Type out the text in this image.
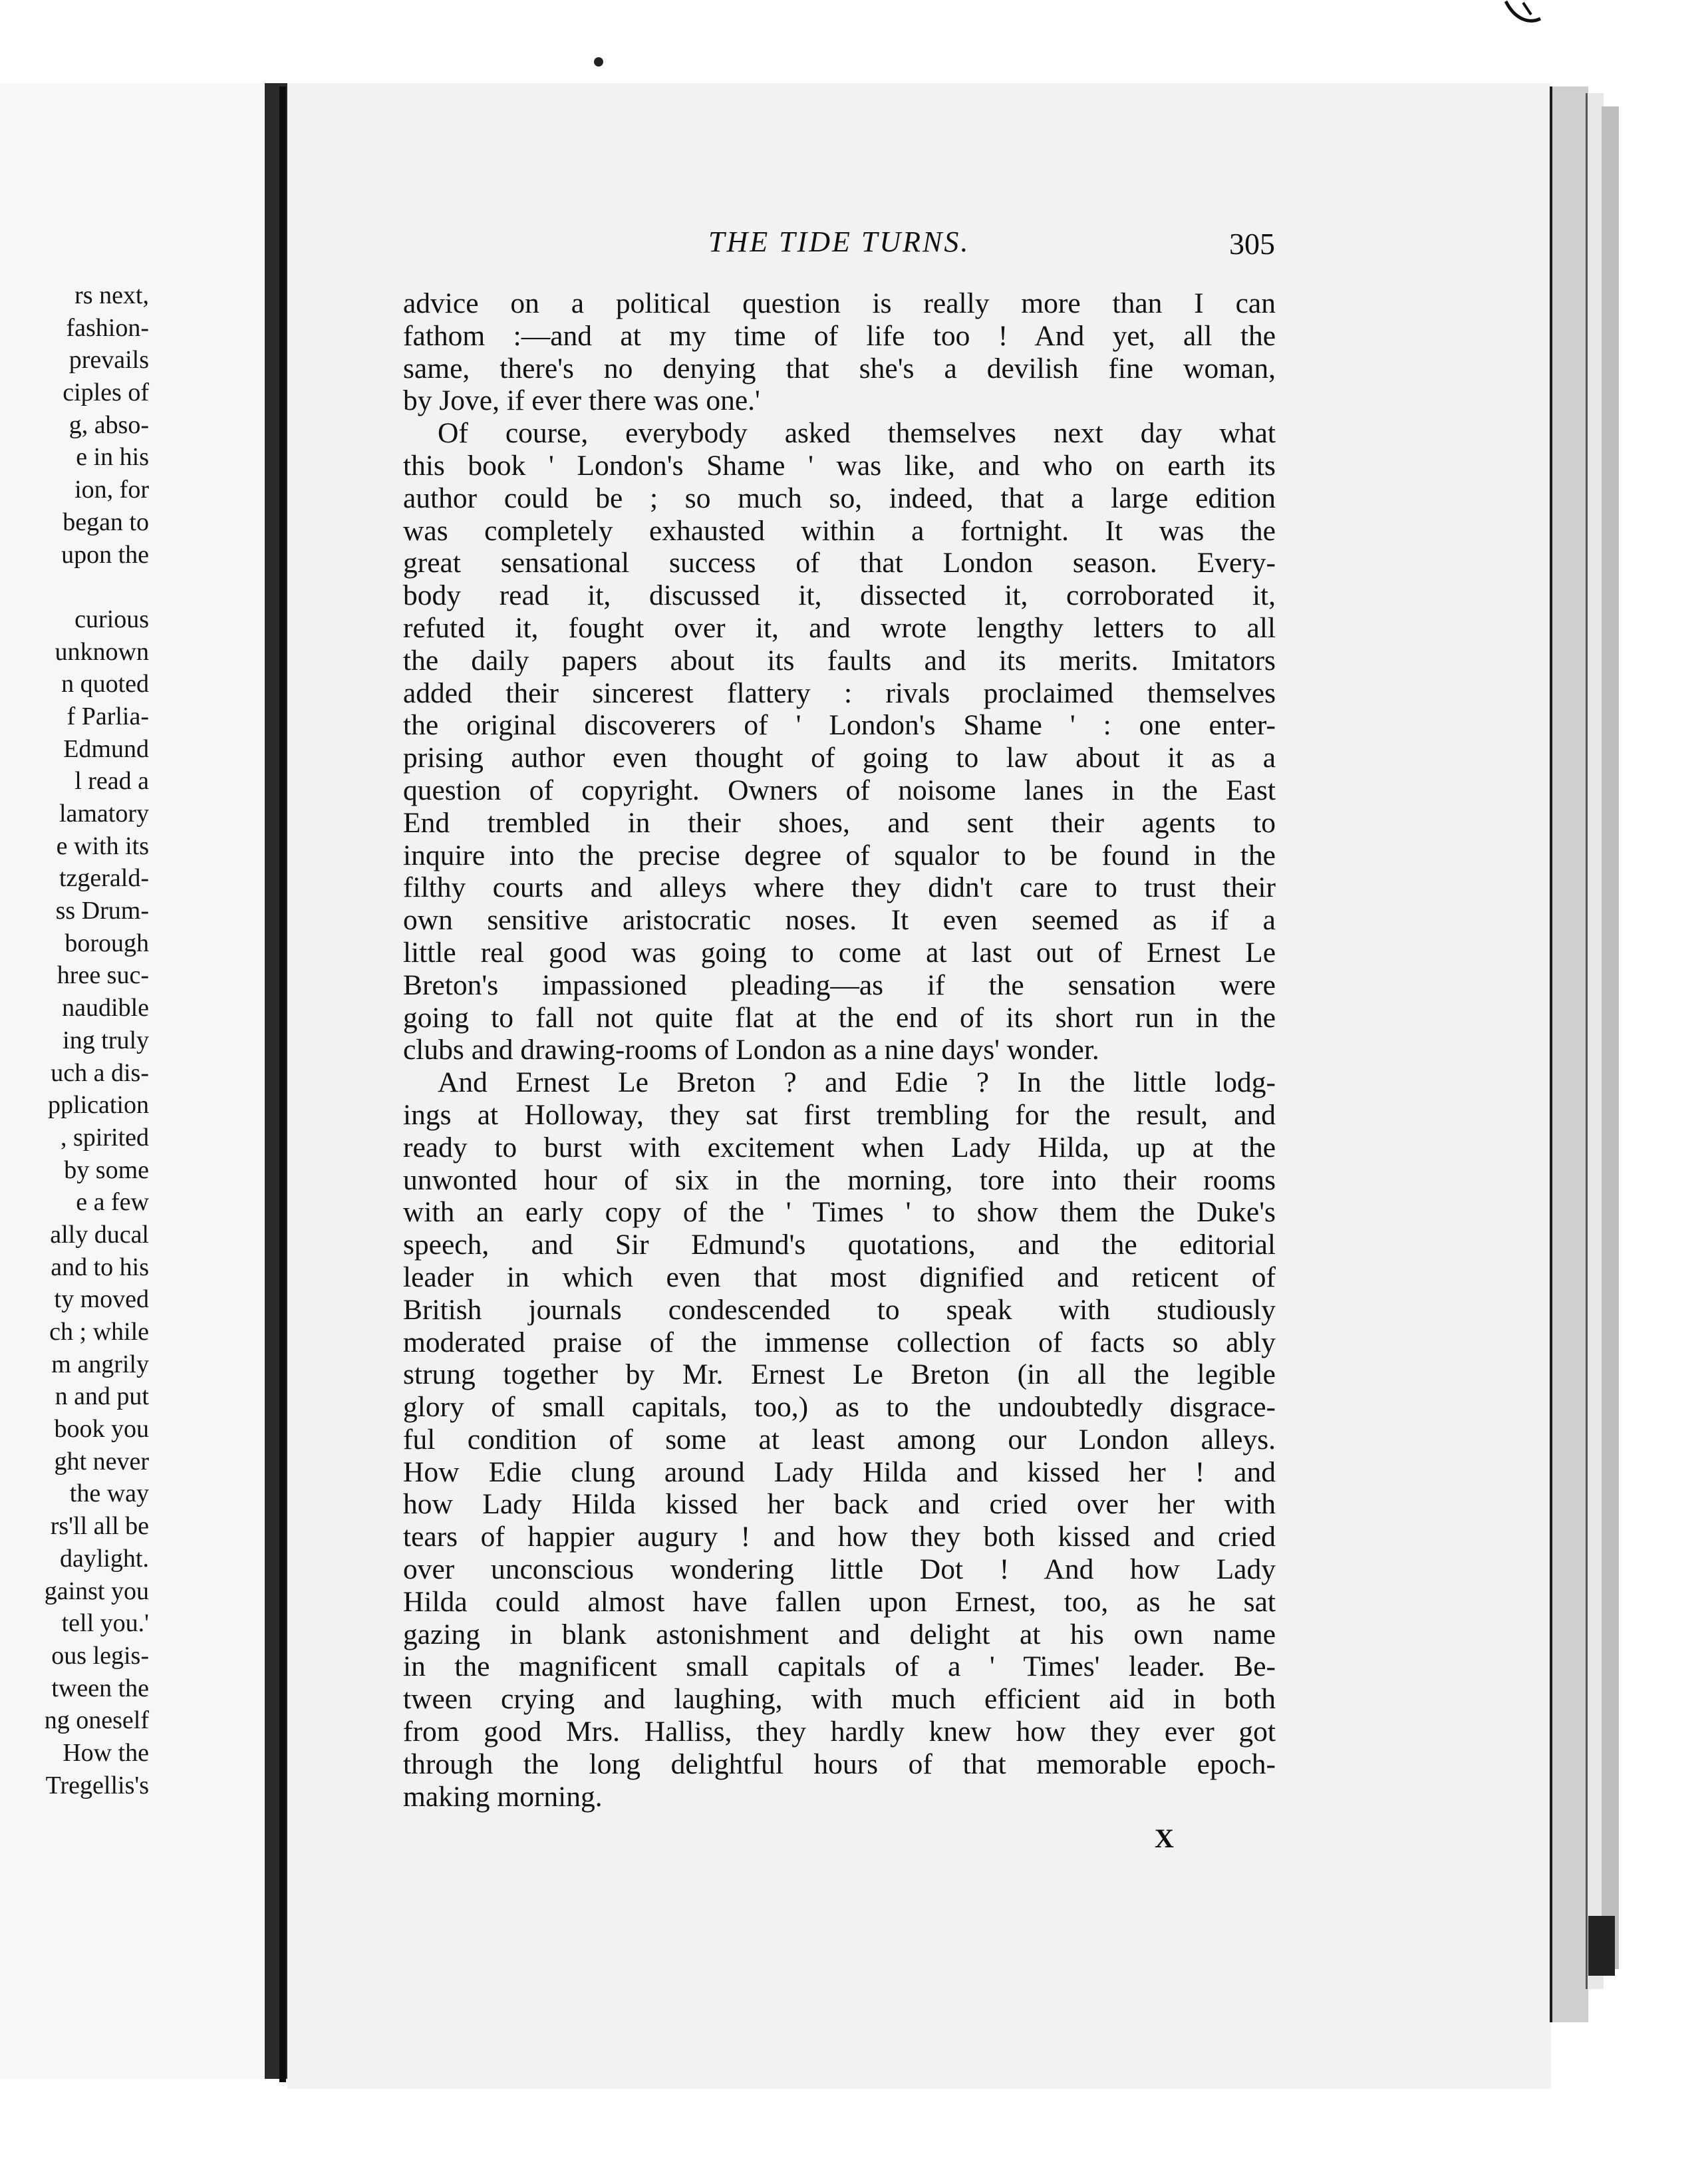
rs next,
fashion-
prevails
ciples of
g, abso-
e in his
ion, for
began to
upon the
curious
unknown
n quoted
f Parlia-
Edmund
l read a
lamatory
e with its
tzgerald-
ss Drum-
borough
hree suc-
naudible
ing truly
uch a dis-
pplication
, spirited
by some
e a few
ally ducal
and to his
ty moved
ch ; while
m angrily
n and put
book you
ght never
the way
rs'll all be
daylight.
gainst you
tell you.'
ous legis-
tween the
ng oneself
How the
Tregellis's
THE TIDE TURNS.	305
advice on a political question is really more than I can
fathom :—and at my time of life too ! And yet, all the
same, there's no denying that she's a devilish fine woman,
by Jove, if ever there was one.'
Of course, everybody asked themselves next day what
this book ' London's Shame ' was like, and who on earth its
author could be ; so much so, indeed, that a large edition
was completely exhausted within a fortnight. It was the
great sensational success of that London season. Every-
body read it, discussed it, dissected it, corroborated it,
refuted it, fought over it, and wrote lengthy letters to all
the daily papers about its faults and its merits. Imitators
added their sincerest flattery : rivals proclaimed themselves
the original discoverers of ' London's Shame ' : one enter-
prising author even thought of going to law about it as a
question of copyright. Owners of noisome lanes in the East
End trembled in their shoes, and sent their agents to
inquire into the precise degree of squalor to be found in the
filthy courts and alleys where they didn't care to trust their
own sensitive aristocratic noses. It even seemed as if a
little real good was going to come at last out of Ernest Le
Breton's impassioned pleading—as if the sensation were
going to fall not quite flat at the end of its short run in the
clubs and drawing-rooms of London as a nine days' wonder.
And Ernest Le Breton ? and Edie ? In the little lodg-
ings at Holloway, they sat first trembling for the result, and
ready to burst with excitement when Lady Hilda, up at the
unwonted hour of six in the morning, tore into their rooms
with an early copy of the ' Times ' to show them the Duke's
speech, and Sir Edmund's quotations, and the editorial
leader in which even that most dignified and reticent of
British journals condescended to speak with studiously
moderated praise of the immense collection of facts so ably
strung together by Mr. Ernest Le Breton (in all the legible
glory of small capitals, too,) as to the undoubtedly disgrace-
ful condition of some at least among our London alleys.
How Edie clung around Lady Hilda and kissed her ! and
how Lady Hilda kissed her back and cried over her with
tears of happier augury ! and how they both kissed and cried
over unconscious wondering little Dot ! And how Lady
Hilda could almost have fallen upon Ernest, too, as he sat
gazing in blank astonishment and delight at his own name
in the magnificent small capitals of a ' Times' leader. Be-
tween crying and laughing, with much efficient aid in both
from good Mrs. Halliss, they hardly knew how they ever got
through the long delightful hours of that memorable epoch-
making morning.
X
